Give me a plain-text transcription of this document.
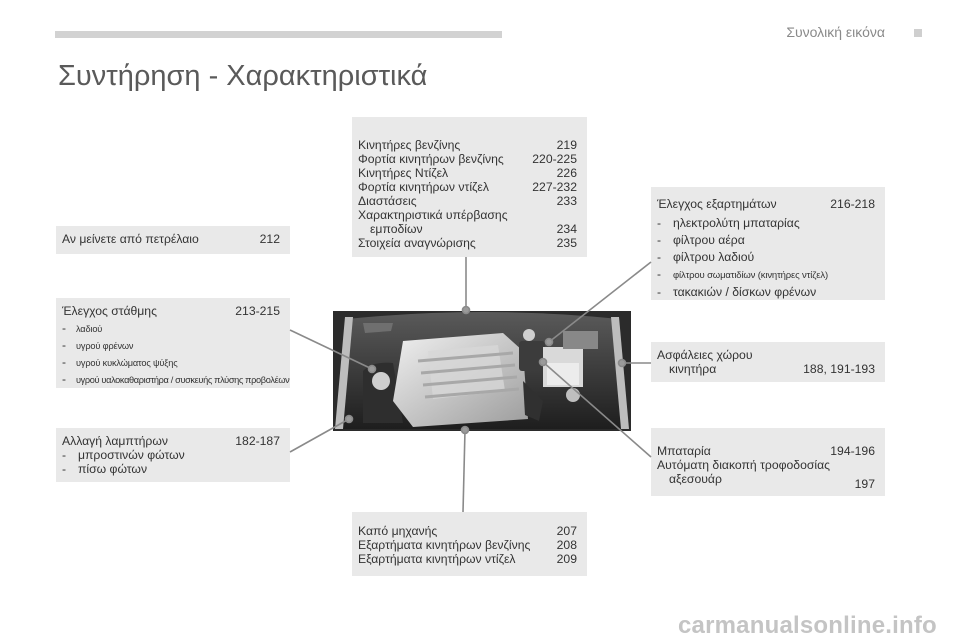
Συνολική εικόνα
Συντήρηση - Χαρακτηριστικά
Αν μείνετε από πετρέλαιο	212
Έλεγχος στάθμης	213-215
- λαδιού
- υγρού φρένων
- υγρού κυκλώματος ψύξης
- υγρού υαλοκαθαριστήρα / συσκευής πλύσης προβολέων
Αλλαγή λαμπτήρων	182-187
- μπροστινών φώτων
- πίσω φώτων
Κινητήρες βενζίνης	219
Φορτία κινητήρων βενζίνης	220-225
Κινητήρες Ντίζελ	226
Φορτία κινητήρων ντίζελ	227-232
Διαστάσεις	233
Χαρακτηριστικά υπέρβασης
εμποδίων	234
Στοιχεία αναγνώρισης	235
Έλεγχος εξαρτημάτων	216-218
- ηλεκτρολύτη μπαταρίας
- φίλτρου αέρα
- φίλτρου λαδιού
- φίλτρου σωματιδίων (κινητήρες ντίζελ)
- τακακιών / δίσκων φρένων
Ασφάλειες χώρου
κινητήρα	188, 191-193
Μπαταρία	194-196
Αυτόματη διακοπή τροφοδοσίας
αξεσουάρ	197
Καπό μηχανής	207
Εξαρτήματα κινητήρων βενζίνης	208
Εξαρτήματα κινητήρων ντίζελ	209
carmanualsonline.info
